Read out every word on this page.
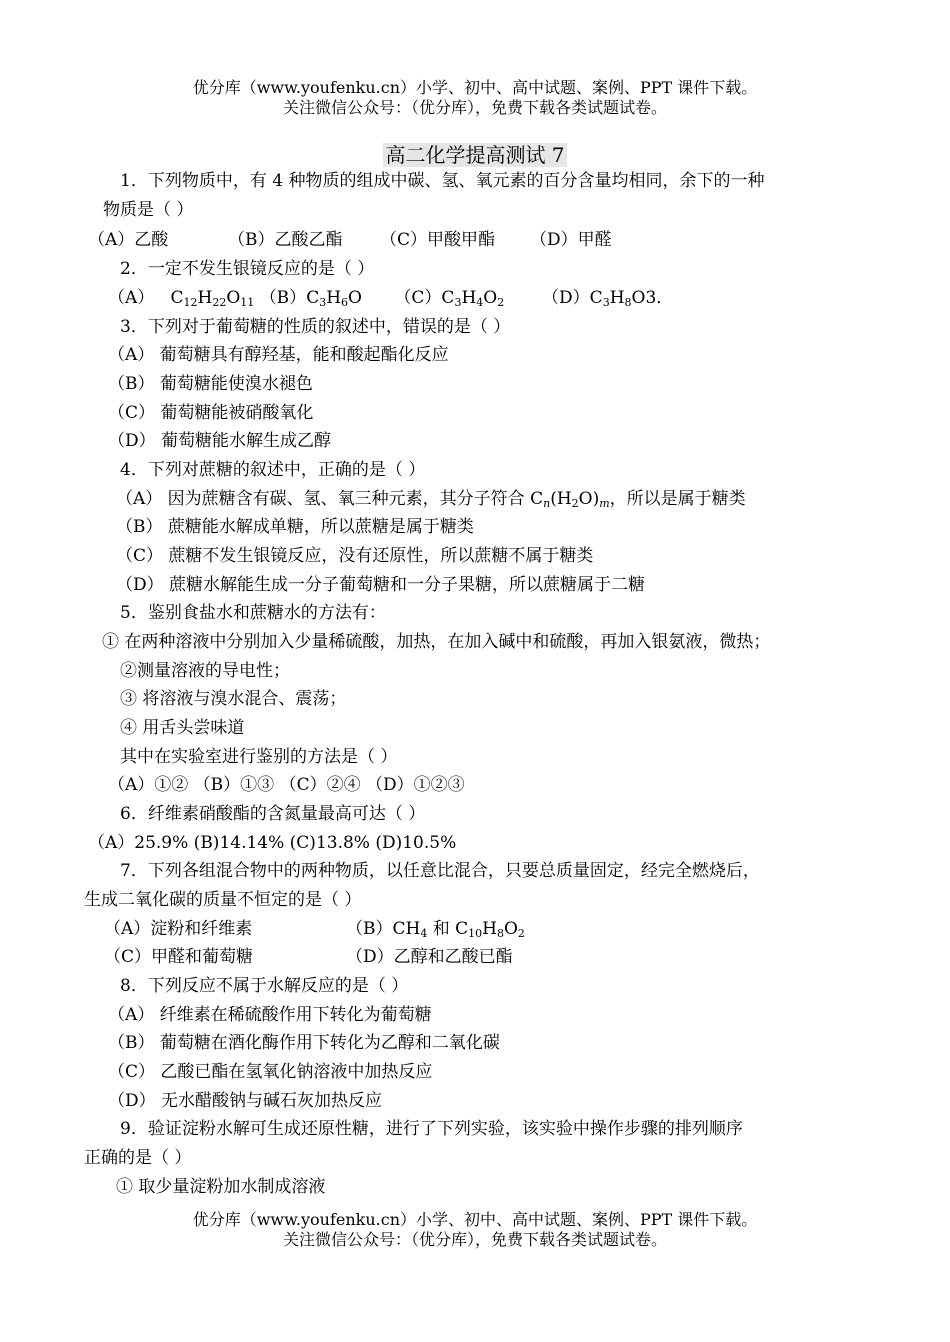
优分库（www.youfenku.cn）小学、初中、高中试题、案例、PPT 课件下载。
关注微信公众号：（优分库），免费下载各类试题试卷。
高二化学提高测试 7
1．下列物质中，有 4 种物质的组成中碳、氢、氧元素的百分含量均相同，余下的一种
物质是（ ）
（A）乙酸	（B）乙酸乙酯 （C）甲酸甲酯 （D）甲醛
2．一定不发生银镜反应的是（ ）
（A） $C_{12}H_{22}O_{11}$ $(B)C_3H_6O$ $(C)C_3H_4O_2$ $(D)C_3H_8O3$．
3．下列对于葡萄糖的性质的叙述中，错误的是（ ）
（A） 葡萄糖具有醇羟基，能和酸起酯化反应
（B） 葡萄糖能使溴水褪色
（C） 葡萄糖能被硝酸氧化
（D） 葡萄糖能水解生成乙醇
4．下列对蔗糖的叙述中，正确的是（ ）
（A） 因为蔗糖含有碳、氢、氧三种元素，其分子符合 $C_n(H_2O)_m$，所以是属于糖类
（B） 蔗糖能水解成单糖，所以蔗糖是属于糖类
（C） 蔗糖不发生银镜反应，没有还原性，所以蔗糖不属于糖类
（D） 蔗糖水解能生成一分子葡萄糖和一分子果糖，所以蔗糖属于二糖
5．鉴别食盐水和蔗糖水的方法有：
① 在两种溶液中分别加入少量稀硫酸，加热，在加入碱中和硫酸，再加入银氨液，微热；
②测量溶液的导电性；
③ 将溶液与溴水混合、震荡；
④ 用舌头尝味道
其中在实验室进行鉴别的方法是（ ）
（A）①② （B）①③ （C）②④ （D）①②③
6．纤维素硝酸酯的含氮量最高可达（ ）
（A）25.9% (B)14.14% (C)13.8% (D)10.5%
7．下列各组混合物中的两种物质，以任意比混合，只要总质量固定，经完全燃烧后，
生成二氧化碳的质量不恒定的是（ ）
（A）淀粉和纤维素	$(B)CH_4$ 和 $C_{10}H_8O_2$
（C）甲醛和葡萄糖	（D）乙醇和乙酸已酯
8．下列反应不属于水解反应的是（ ）
（A） 纤维素在稀硫酸作用下转化为葡萄糖
（B） 葡萄糖在酒化酶作用下转化为乙醇和二氧化碳
（C） 乙酸已酯在氢氧化钠溶液中加热反应
（D） 无水醋酸钠与碱石灰加热反应
9．验证淀粉水解可生成还原性糖，进行了下列实验，该实验中操作步骤的排列顺序
正确的是（ ）
① 取少量淀粉加水制成溶液
优分库（www.youfenku.cn）小学、初中、高中试题、案例、PPT 课件下载。
关注微信公众号：（优分库），免费下载各类试题试卷。
